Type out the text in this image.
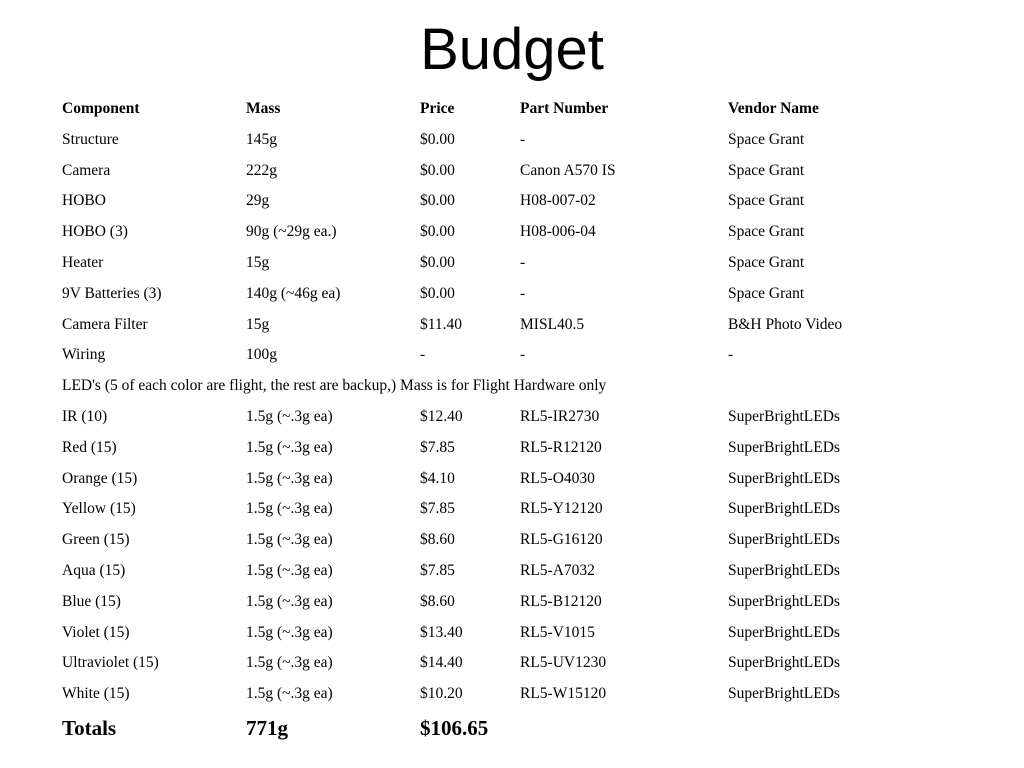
Budget
Component	Mass	Price	Part Number	Vendor Name
Structure	145g	$0.00	-	Space Grant
Camera	222g	$0.00	Canon A570 IS	Space Grant
HOBO	29g	$0.00	H08-007-02	Space Grant
HOBO (3)	90g (~29g ea.)	$0.00	H08-006-04	Space Grant
Heater	15g	$0.00	-	Space Grant
9V Batteries (3)	140g (~46g ea)	$0.00	-	Space Grant
Camera Filter	15g	$11.40	MISL40.5	B&H Photo Video
Wiring	100g	-	-	-
LED's (5 of each color are flight, the rest are backup,) Mass is for Flight Hardware only
IR (10)	1.5g (~.3g ea)	$12.40	RL5-IR2730	SuperBrightLEDs
Red (15)	1.5g (~.3g ea)	$7.85	RL5-R12120	SuperBrightLEDs
Orange (15)	1.5g (~.3g ea)	$4.10	RL5-O4030	SuperBrightLEDs
Yellow (15)	1.5g (~.3g ea)	$7.85	RL5-Y12120	SuperBrightLEDs
Green (15)	1.5g (~.3g ea)	$8.60	RL5-G16120	SuperBrightLEDs
Aqua (15)	1.5g (~.3g ea)	$7.85	RL5-A7032	SuperBrightLEDs
Blue (15)	1.5g (~.3g ea)	$8.60	RL5-B12120	SuperBrightLEDs
Violet (15)	1.5g (~.3g ea)	$13.40	RL5-V1015	SuperBrightLEDs
Ultraviolet (15)	1.5g (~.3g ea)	$14.40	RL5-UV1230	SuperBrightLEDs
White (15)	1.5g (~.3g ea)	$10.20	RL5-W15120	SuperBrightLEDs
Totals	771g	$106.65
